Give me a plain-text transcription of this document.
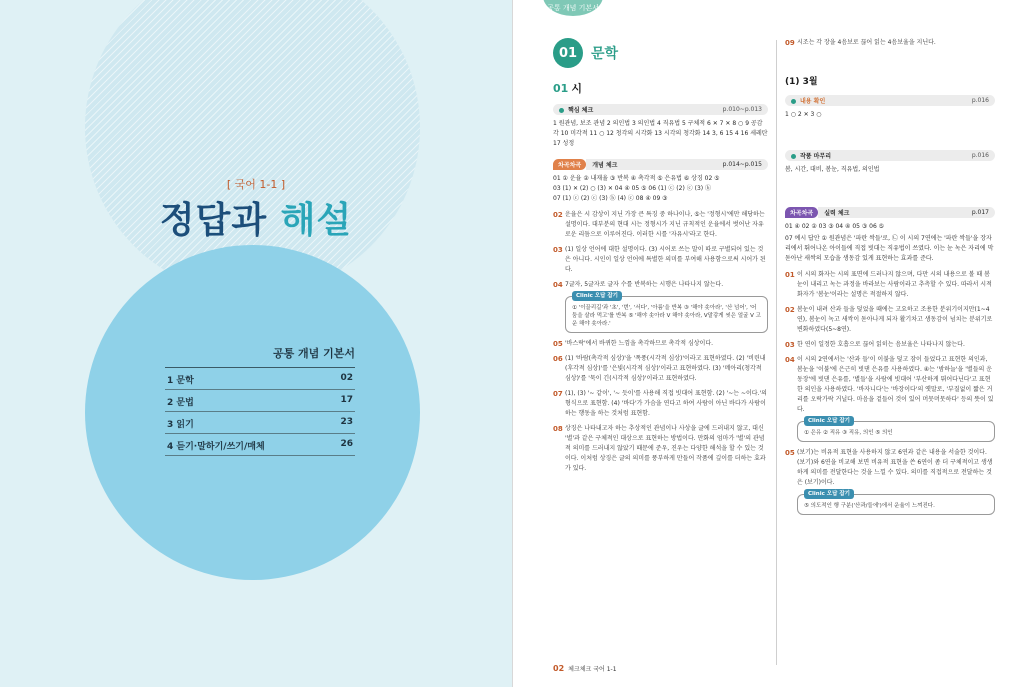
[ 국어 1-1 ]
정답과 해설
공통 개념 기본서
1 문학	02
2 문법	17
3 읽기	23
4 듣기·말하기/쓰기/매체	26
공통 개념 기본서
01 문학
01 시
핵심 체크	p.010~p.013
1 원관념, 보조 관념 2 의인법 3 의인법 4 직유법 5 구체적 6 ✕ 7 ✕ 8 ○ 9 공감각 10 미각적 11 ○ 12 청각의 시각화 13 시각의 청각화 14 3, 6 15 4 16 세레탄 17 성정
차곡차곡	개념 체크	p.014~p.015
01 ① 운율 ② 내재율 ③ 반복 ④ 촉각적 ⑤ 은유법 ⑥ 상징 02 ⑤
03 (1) ✕ (2) ○ (3) ✕ 04 ④ 05 ⑤ 06 (1) ⓒ (2) ⓒ (3) ⓑ
07 (1) ⓒ (2) ⓒ (3) ⓑ (4) ⓒ 08 ④ 09 ③
02 운율은 시 감상이 지닌 가장 큰 특징 중 하나이나, ⑤는 '정형시'에만 해당하는 설명이다. 대부분의 현대 시는 정형시가 지닌 규칙적인 운율에서 벗어난 자유로운 리듬으로 이루어진다. 이러한 시를 '자유시'라고 한다.
03 (1) 일상 언어에 대한 설명이다. (3) 시어로 쓰는 말이 따로 구별되어 있는 것은 아니다. 시인이 일상 언어에 특별한 의미를 부여해 사용함으로써 시어가 된다.
04 7글자, 5글자로 글자 수를 반복하는 시행은 나타나지 않는다.
Clinic 오답 잡기
① '이끌리길'과 '초', '번', '서다', '아름'을 반복 ③ '해야 솟아라', '산 넘어', '어둠을 살라 먹고'를 반복 ⑤ '해야 솟아라 V 해야 솟아라, V말갛게 씻은 얼굴 V 고운 해야 솟아라.'
05 '바스락'에서 바퀴한 느낌을 촉각하므로 촉각적 심상이다.
06 (1) '바람(촉각적 심상)'을 '폭풍(시각적 심상)'이라고 표현하였다. (2) '비린내(후각적 심상)'를 '은빛(시각적 심상)'이라고 표현하였다. (3) '메아리(청각적 심상)'를 '묵이 긴(시각적 심상)'이라고 표현하였다.
07 (1), (3) '~ 같이', '~ 듯이'를 사용해 직접 빗대어 표현함. (2) '~는 ~이다.'의 형식으로 표현함. (4) '바다'가 가슴을 연다고 하여 사람이 아닌 바다가 사람이 하는 행동을 하는 것처럼 표현함.
08 상징은 나타내고자 하는 추상적인 관념이나 사상을 글에 드러내지 않고, 대신 '별'과 같은 구체적인 대상으로 표현하는 방법이다. 만화의 엄마가 '별'의 관념적 의미를 드러내지 않았기 때문에 준우, 진우는 다양한 해석을 할 수 있는 것이다. 이처럼 상징은 글의 의미를 풍부하게 만들어 작품에 깊이를 더하는 효과가 있다.
09 시조는 각 장을 4음보로 끊어 읽는 4음보율을 지닌다.
(1) 3월
내용 확인	p.016
1 ○ 2 ✕ 3 ○
작품 마무리	p.016
봄, 시간, 대비, 봄눈, 직유법, 의인법
차곡차곡	실력 체크	p.017
01 ④ 02 ② 03 ③ 04 ④ 05 ③ 06 ⑤
07 예시 답안 ① 원관념은 '파란 싹들'로, ㉡ 이 시의 7연에는 '파란 싹들'을 장자리에서 뛰어나온 아이들에 직접 빗대는 직유법이 쓰였다. 이는 눈 녹은 자리에 막 돋아난 새싹의 모습을 생동감 있게 표현하는 효과를 준다.
01 이 시의 화자는 시의 표면에 드러나지 않으며, 다만 시의 내용으로 볼 때 봄눈이 내리고 녹는 과정을 바라보는 사람이라고 추측할 수 있다. 따라서 시적 화자가 '봄눈'이라는 설명은 적절하지 않다.
02 봄눈이 내려 산과 들을 덮었을 때에는 고요하고 조용한 분위기이지만(1~4연), 봄눈이 녹고 새싹이 돋아나게 되자 활기차고 생동감이 넘치는 분위기로 변화하였다(5~8연).
03 한 연이 일정한 호흡으로 끊어 읽히는 음보율은 나타나지 않는다.
04 이 시의 2연에서는 '산과 들'이 이불을 덮고 잠이 들었다고 표현한 의인과, 봄눈을 '이불'에 은근히 빗댄 은유를 사용하였다. ④는 '밤하늘'을 '별들의 운동장'에 빗댄 은유를, '별들'을 사람에 빗대어 '부산하게 뛰어다닌다'고 표현한 의인을 사용하였다. '바자니다'는 '바장이다'의 옛말로, '부질없이 짧은 거리를 오락가락 거닐다. 마음을 겉들어 것이 있어 머뭇머뭇하다' 등의 뜻이 있다.
Clinic 오답 잡기
① 은유 ② 직유 ③ 직유, 의인 ⑤ 의인
05 (보기)는 비유적 표현을 사용하지 않고 6연과 같은 내용을 서술한 것이다. (보기)와 6연을 비교해 보면 비유적 표현을 쓴 6연이 좀 더 구체적이고 생생하게 의미를 전달한다는 것을 느낄 수 있다. 의미를 직접적으로 전달하는 것은 (보기)이다.
Clinic 오답 잡기
⑤ 의도적인 행 구분('산과/들에')에서 운율이 느껴진다.
02 체크체크 국어 1-1
